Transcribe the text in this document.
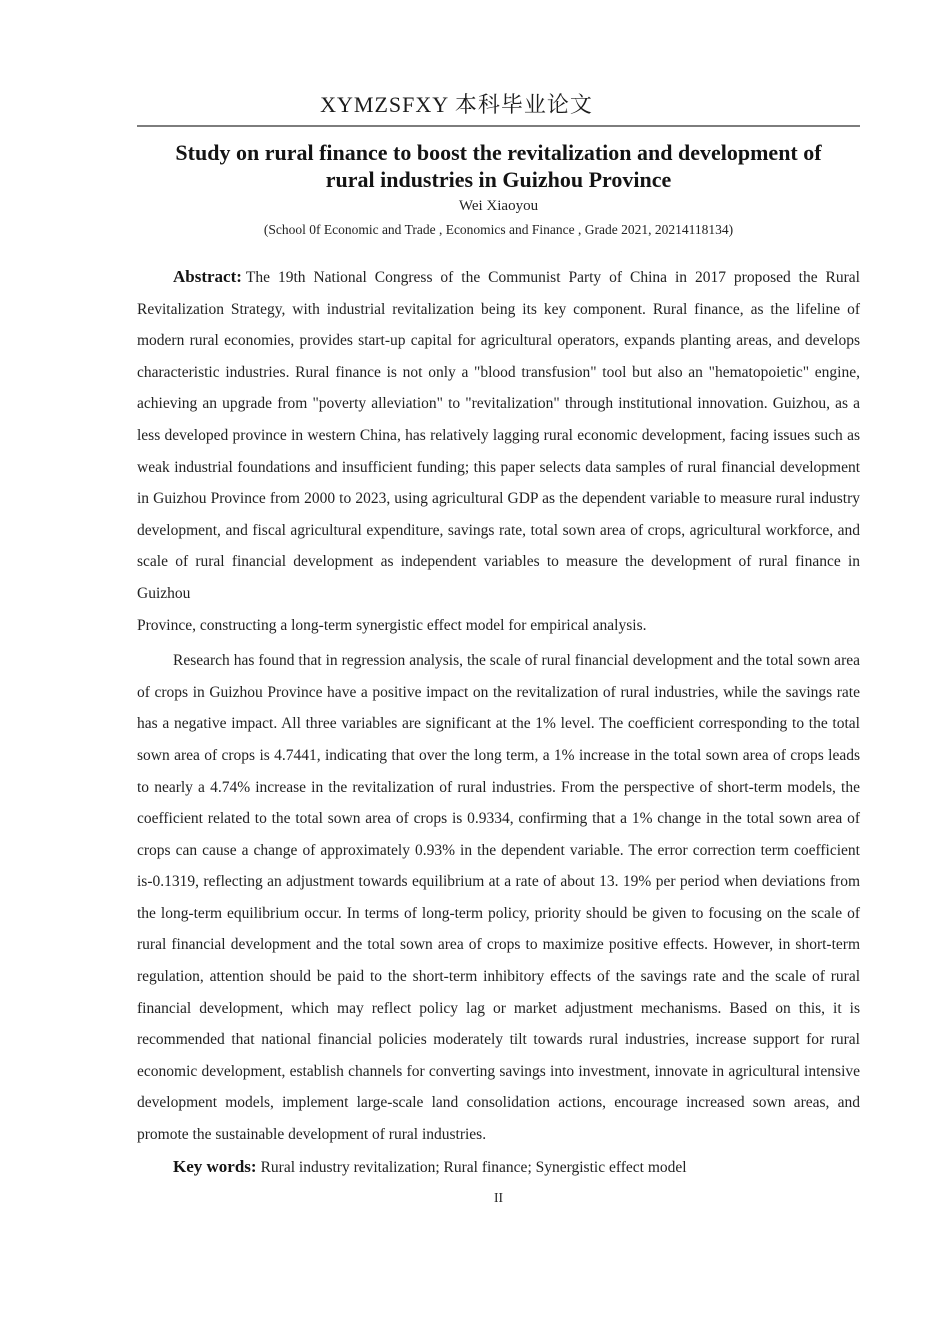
XYMZSFXY 本科毕业论文
Study on rural finance to boost the revitalization and development of
rural industries in Guizhou Province
Wei Xiaoyou
(School 0f Economic and Trade , Economics and Finance , Grade 2021, 20214118134)

Abstract: The 19th National Congress of the Communist Party of China in 2017 proposed the Rural Revitalization Strategy, with industrial revitalization being its key component. Rural finance, as the lifeline of modern rural economies, provides start-up capital for agricultural operators, expands planting areas, and develops characteristic industries. Rural finance is not only a "blood transfusion" tool but also an "hematopoietic" engine, achieving an upgrade from "poverty alleviation" to "revitalization" through institutional innovation. Guizhou, as a less developed province in western China, has relatively lagging rural economic development, facing issues such as weak industrial foundations and insufficient funding; this paper selects data samples of rural financial development in Guizhou Province from 2000 to 2023, using agricultural GDP as the dependent variable to measure rural industry development, and fiscal agricultural expenditure, savings rate, total sown area of crops, agricultural workforce, and scale of rural financial development as independent variables to measure the development of rural finance in Guizhou
Province, constructing a long-term synergistic effect model for empirical analysis.

Research has found that in regression analysis, the scale of rural financial development and the total sown area of crops in Guizhou Province have a positive impact on the revitalization of rural industries, while the savings rate has a negative impact. All three variables are significant at the 1% level. The coefficient corresponding to the total sown area of crops is 4.7441, indicating that over the long term, a 1% increase in the total sown area of crops leads to nearly a 4.74% increase in the revitalization of rural industries. From the perspective of short-term models, the coefficient related to the total sown area of crops is 0.9334, confirming that a 1% change in the total sown area of crops can cause a change of approximately 0.93% in the dependent variable. The error correction term coefficient is-0.1319, reflecting an adjustment towards equilibrium at a rate of about 13. 19% per period when deviations from the long-term equilibrium occur. In terms of long-term policy, priority should be given to focusing on the scale of rural financial development and the total sown area of crops to maximize positive effects. However, in short-term regulation, attention should be paid to the short-term inhibitory effects of the savings rate and the scale of rural financial development, which may reflect policy lag or market adjustment mechanisms. Based on this, it is recommended that national financial policies moderately tilt towards rural industries, increase support for rural economic development, establish channels for converting savings into investment, innovate in agricultural intensive development models, implement large-scale land consolidation actions, encourage increased sown areas, and promote the sustainable development of rural industries.

Key words: Rural industry revitalization; Rural finance; Synergistic effect model

II
